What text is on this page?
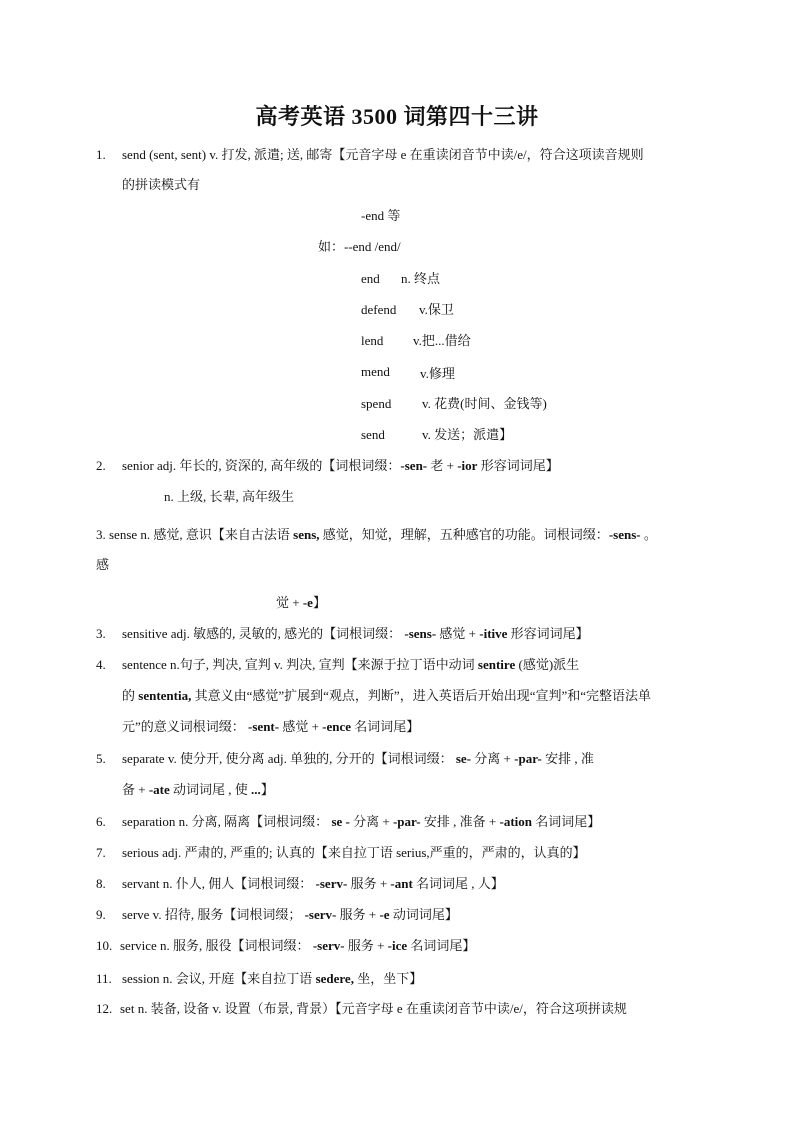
高考英语 3500 词第四十三讲
1. send (sent, sent) v. 打发, 派遣; 送, 邮寄【元音字母 e 在重读闭音节中读/e/，符合这项读音规则
的拼读模式有
-end 等
如：--end /end/
end n. 终点
defend v.保卫
lend v.把...借给
mend v.修理
spend v. 花费(时间、金钱等)
send	v. 发送；派遣】
2. senior adj. 年长的, 资深的, 高年级的【词根词缀：-sen- 老 + -ior 形容词词尾】
n. 上级, 长辈, 高年级生
3. sense n. 感觉, 意识【来自古法语 sens, 感觉，知觉，理解，五种感官的功能。词根词缀：-sens- 。
感
觉 + -e】
3. sensitive adj. 敏感的, 灵敏的, 感光的【词根词缀： -sens- 感觉 + -itive 形容词词尾】
4. sentence n.句子, 判决, 宣判 v. 判决, 宣判【来源于拉丁语中动词 sentire (感觉)派生
的 sententia, 其意义由“感觉”扩展到“观点，判断”，进入英语后开始出现“宣判”和“完整语法单
元”的意义词根词缀： -sent- 感觉 + -ence 名词词尾】
5. separate v. 使分开, 使分离 adj. 单独的, 分开的【词根词缀： se- 分离 + -par- 安排 , 准
备 + -ate 动词词尾 , 使 ...】
6. separation n. 分离, 隔离【词根词缀： se - 分离 + -par- 安排 , 准备 + -ation 名词词尾】
7. serious adj. 严肃的, 严重的; 认真的【来自拉丁语 serius,严重的，严肃的，认真的】
8. servant n. 仆人, 佣人【词根词缀： -serv- 服务 + -ant 名词词尾 , 人】
9. serve v. 招待, 服务【词根词缀； -serv- 服务 + -e 动词词尾】
10. service n. 服务, 服役【词根词缀： -serv- 服务 + -ice 名词词尾】
11. session n. 会议, 开庭【来自拉丁语 sedere, 坐，坐下】
12. set n. 装备, 设备 v. 设置（布景, 背景）【元音字母 e 在重读闭音节中读/e/，符合这项拼读规
